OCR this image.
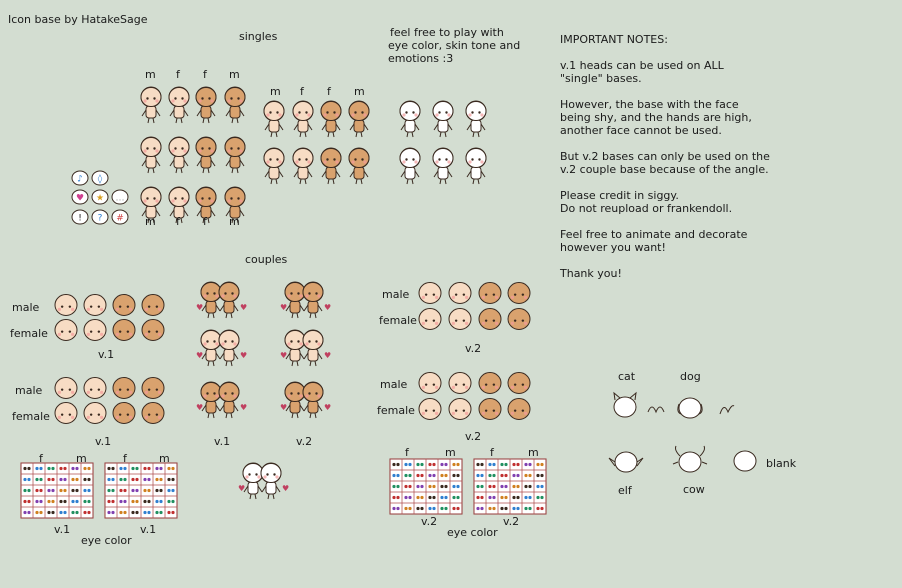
♪ ◊
♥ ★ …
! ? #
♥	♥
♥	♥
♥	♥
♥	♥
♥	♥
♥	♥
♥	♥
Icon base by HatakeSage
singles	feel free to play with
eye color, skin tone and
emotions :3
IMPORTANT NOTES:

v.1 heads can be used on ALL
"single" bases.

However, the base with the face
being shy, and the hands are high,
another face cannot be used.

But v.2 bases can only be used on the
v.2 couple base because of the angle.

Please credit in siggy.
Do not reupload or frankendoll.

Feel free to animate and decorate
however you want!

Thank you!

m f f m
m f f m
m f f m
couples
male
female
v.1
male
female
v.1	v.1	v.2
male
female
v.2
male
female
v.2
f	m	f	m
v.1	v.1
eye color
f	m	f	m
v.2	v.2
eye color
cat	dog
elf	cow
blank
